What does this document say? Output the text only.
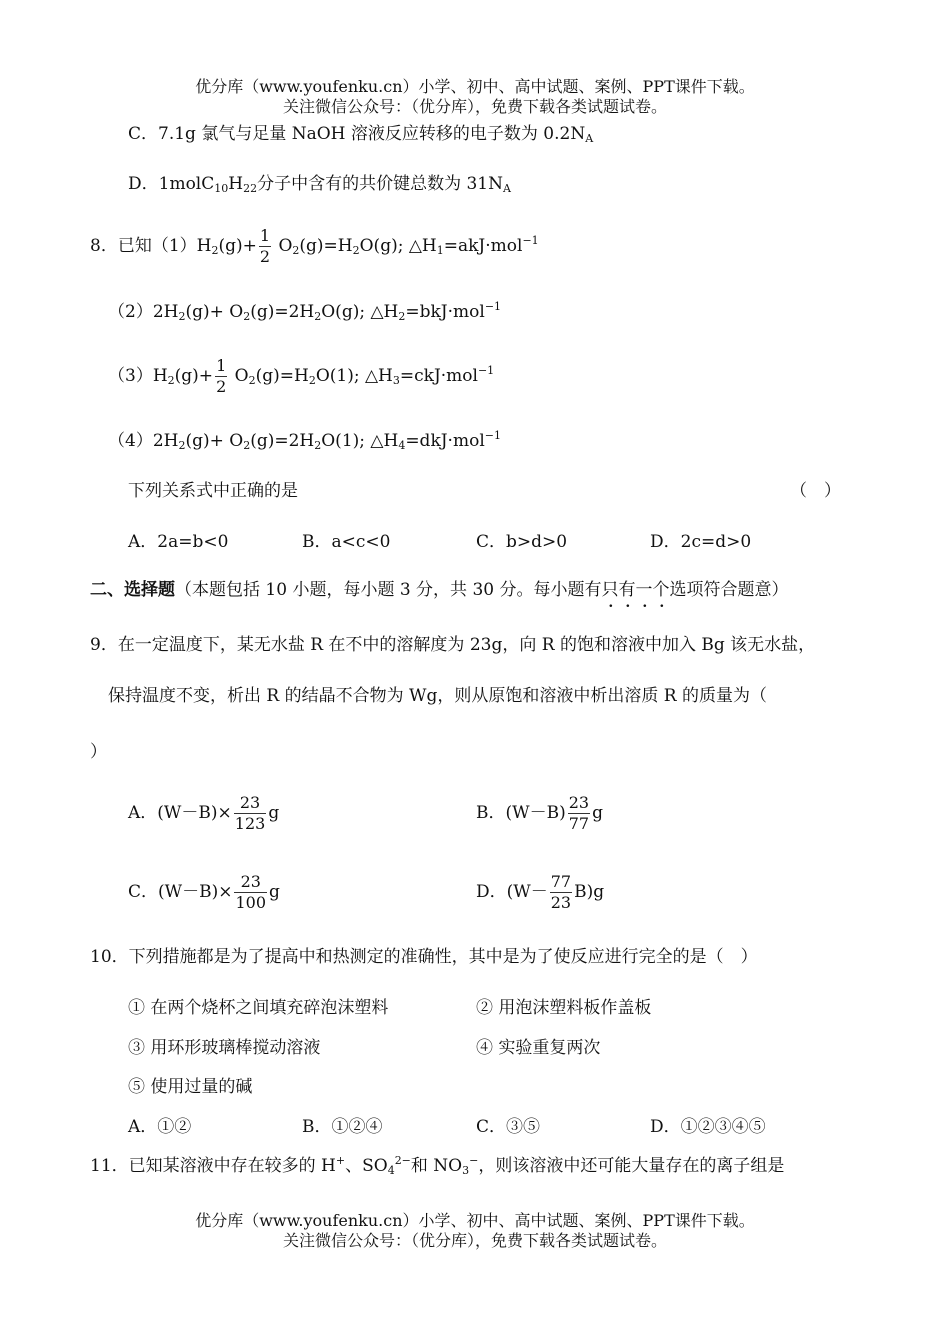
优分库（www.youfenku.cn）小学、初中、高中试题、案例、PPT课件下载。
关注微信公众号：（优分库），免费下载各类试题试卷。
C．7.1g 氯气与足量 NaOH 溶液反应转移的电子数为 $0.2N_A$
D．$1molC_{10}H_{22}$分子中含有的共价键总数为 $31N_A$
8．已知$(1)H_2(g)+ \frac{1}{2} O_2(g)=H_2O(g)$; $\triangle H_1=akJ\cdot mol^{-1}$
$(2)2H_2(g)+ O_2(g)=2H_2O(g)$; $\triangle H_2=bkJ\cdot mol^{-1}$
$(3)H_2(g)+ \frac{1}{2} O_2(g)=H_2O(1)$; $\triangle H_3=ckJ\cdot mol^{-1}$
$(4)2H_2(g)+ O_2(g)=2H_2O(1)$; $\triangle H_4=dkJ\cdot mol^{-1}$
下列关系式中正确的是	（　）
A．2a=b<0	B．a<c<0	C．b>d>0	D．2c=d>0
二、选择题（本题包括 10 小题，每小题 3 分，共 30 分。每小题有只有一个选项符合题意）
9．在一定温度下，某无水盐 R 在不中的溶解度为 23g，向 R 的饱和溶液中加入 Bg 该无水盐，
保持温度不变，析出 R 的结晶不合物为 Wg，则从原饱和溶液中析出溶质 R 的质量为（
）
A．$(W-B)\times \frac{23}{123}$ g	B．$(W-B) \frac{23}{77}$ g
C．$(W-B)\times \frac{23}{100}$ g	D．$(W- \frac{77}{23} B)g$
10．下列措施都是为了提高中和热测定的准确性，其中是为了使反应进行完全的是（　）
① 在两个烧杯之间填充碎泡沫塑料	② 用泡沫塑料板作盖板
③ 用环形玻璃棒搅动溶液	④ 实验重复两次
⑤ 使用过量的碱
A．①②	B．①②④	C．③⑤	D．①②③④⑤
11．已知某溶液中存在较多的 H+、$SO_4^{2-}$和 $NO_3^-$，则该溶液中还可能大量存在的离子组是
优分库（www.youfenku.cn）小学、初中、高中试题、案例、PPT课件下载。
关注微信公众号：（优分库），免费下载各类试题试卷。
